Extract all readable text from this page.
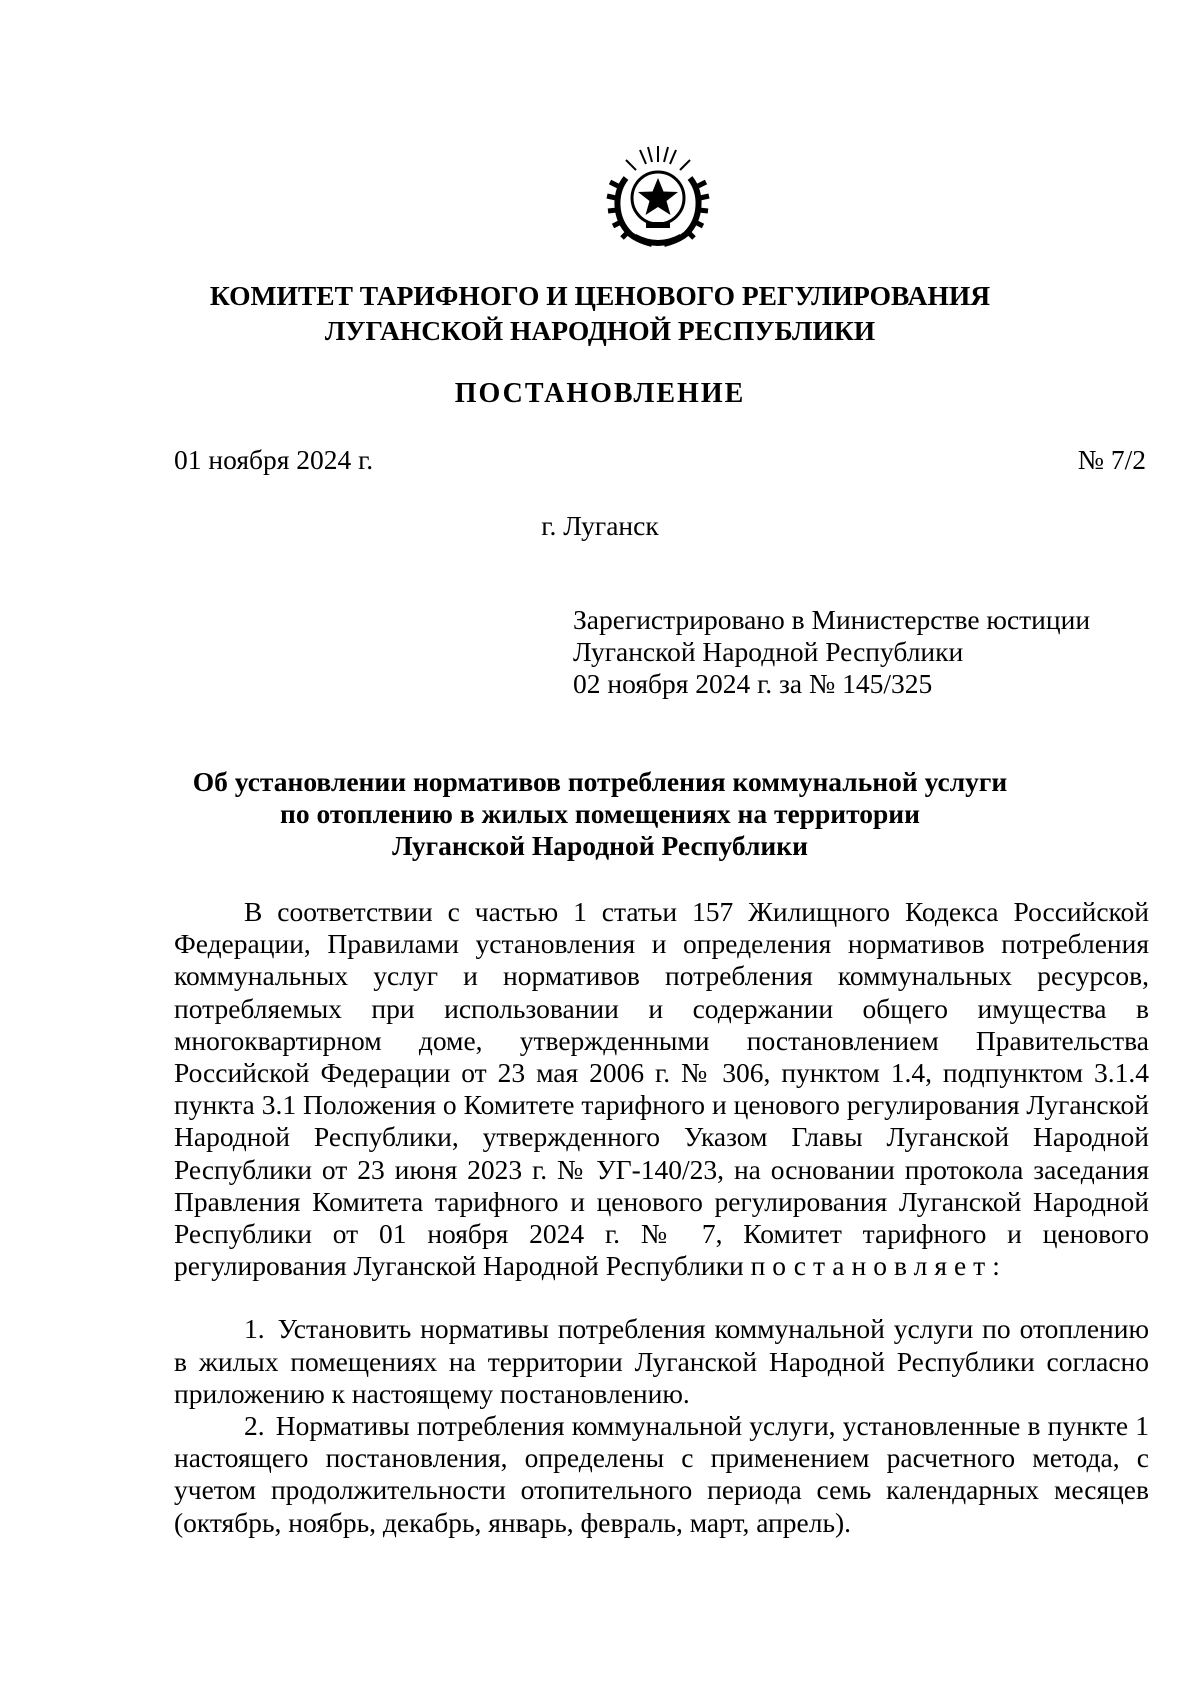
КОМИТЕТ ТАРИФНОГО И ЦЕНОВОГО РЕГУЛИРОВАНИЯ
ЛУГАНСКОЙ НАРОДНОЙ РЕСПУБЛИКИ
ПОСТАНОВЛЕНИЕ
01 ноября 2024 г.	№ 7/2
г. Луганск
Зарегистрировано в Министерстве юстиции
Луганской Народной Республики
02 ноября 2024 г. за № 145/325
Об установлении нормативов потребления коммунальной услуги
по отоплению в жилых помещениях на территории
Луганской Народной Республики

В соответствии с частью 1 статьи 157 Жилищного Кодекса Российской Федерации, Правилами установления и определения нормативов потребления коммунальных услуг и нормативов потребления коммунальных ресурсов, потребляемых при использовании и содержании общего имущества в многоквартирном доме, утвержденными постановлением Правительства Российской Федерации от 23 мая 2006 г. № 306, пунктом 1.4, подпунктом 3.1.4 пункта 3.1 Положения о Комитете тарифного и ценового регулирования Луганской Народной Республики, утвержденного Указом Главы Луганской Народной Республики от 23 июня 2023 г. № УГ-140/23, на основании протокола заседания Правления Комитета тарифного и ценового регулирования Луганской Народной Республики от 01 ноября 2024 г. № 7, Комитет тарифного и ценового регулирования Луганской Народной Республики постановляет:

1. Установить нормативы потребления коммунальной услуги по отоплению в жилых помещениях на территории Луганской Народной Республики согласно приложению к настоящему постановлению.

2. Нормативы потребления коммунальной услуги, установленные в пункте 1 настоящего постановления, определены с применением расчетного метода, с учетом продолжительности отопительного периода семь календарных месяцев (октябрь, ноябрь, декабрь, январь, февраль, март, апрель).
